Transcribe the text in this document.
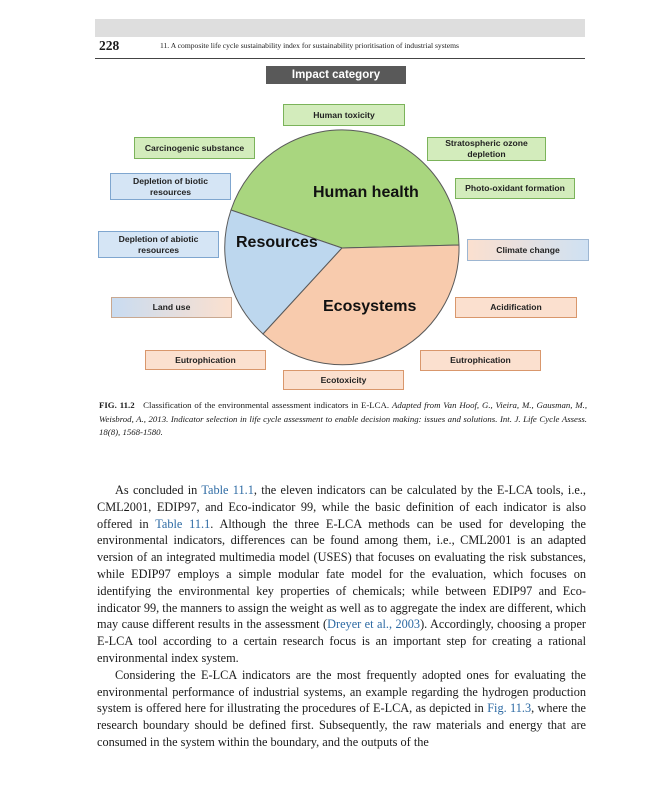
228	11. A composite life cycle sustainability index for sustainability prioritisation of industrial systems
Impact category
Human health
Resources
Ecosystems
Human toxicity
Carcinogenic substance	Stratospheric ozone
depletion
Depletion of biotic
resources	Photo-oxidant formation
Depletion of abiotic
resources	Climate change
Land use	Acidification
Eutrophication	Eutrophication
Ecotoxicity
FIG. 11.2 Classification of the environmental assessment indicators in E-LCA. Adapted from Van Hoof, G., Vieira, M., Gausman, M., Weisbrod, A., 2013. Indicator selection in life cycle assessment to enable decision making: issues and solutions. Int. J. Life Cycle Assess. 18(8), 1568-1580.

As concluded in Table 11.1, the eleven indicators can be calculated by the E-LCA tools, i.e., CML2001, EDIP97, and Eco-indicator 99, while the basic definition of each indicator is also offered in Table 11.1. Although the three E-LCA methods can be used for developing the environmental indicators, differences can be found among them, i.e., CML2001 is an adapted version of an integrated multimedia model (USES) that focuses on evaluating the risk substances, while EDIP97 employs a simple modular fate model for the evaluation, which focuses on identifying the environmental key properties of chemicals; while between EDIP97 and Eco-indicator 99, the manners to assign the weight as well as to aggregate the index are different, which may cause different results in the assessment (Dreyer et al., 2003). Accordingly, choosing a proper E-LCA tool according to a certain research focus is an important step for creating a rational environmental index system.

Considering the E-LCA indicators are the most frequently adopted ones for evaluating the environmental performance of industrial systems, an example regarding the hydrogen production system is offered here for illustrating the procedures of E-LCA, as depicted in Fig. 11.3, where the research boundary should be defined first. Subsequently, the raw materials and energy that are consumed in the system within the boundary, and the outputs of the
